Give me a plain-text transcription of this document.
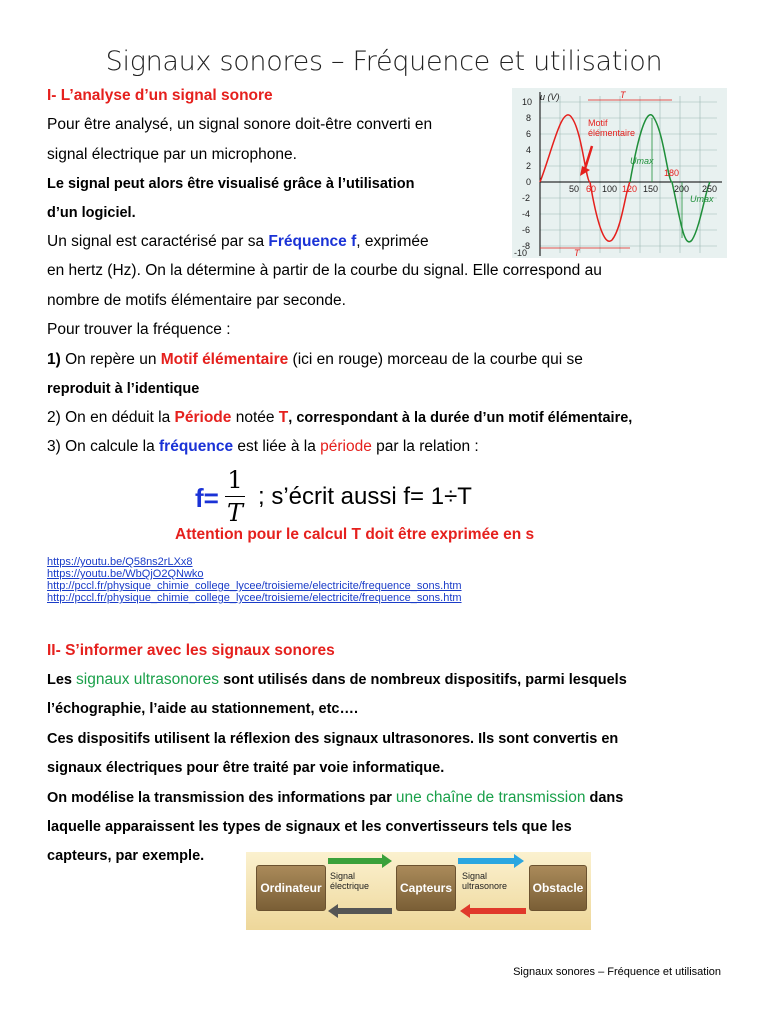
Signaux sonores – Fréquence et utilisation
I- L’analyse d’un signal sonore
Pour être analysé, un signal sonore doit-être converti en
signal électrique par un microphone.
Le signal peut alors être visualisé grâce à l’utilisation
d’un logiciel.
Un signal est caractérisé par sa Fréquence f, exprimée
en hertz (Hz). On la détermine à partir de la courbe du signal. Elle correspond au
nombre de motifs élémentaire par seconde.
Pour trouver la fréquence :
1) On repère un Motif élémentaire (ici en rouge) morceau de la courbe qui se
reproduit à l’identique
2) On en déduit la Période notée T, correspondant à la durée d’un motif élémentaire,
3) On calcule la fréquence est liée à la période par la relation :
f=
1
T
; s’écrit aussi f= 1÷T
Attention pour le calcul T doit être exprimée en s
u (V)
Motif élémentaire
T
T
Umax
Umax
50 60 100 120 150
180
200 250
10
8
6
4
2
0
-2
-4
-6
-8
-10
https://youtu.be/Q58ns2rLXx8
https://youtu.be/WbQjO2QNwko
http://pccl.fr/physique_chimie_college_lycee/troisieme/electricite/frequence_sons.htm
http://pccl.fr/physique_chimie_college_lycee/troisieme/electricite/frequence_sons.htm
II- S’informer avec les signaux sonores
Les signaux ultrasonores sont utilisés dans de nombreux dispositifs, parmi lesquels
l’échographie, l’aide au stationnement, etc….
Ces dispositifs utilisent la réflexion des signaux ultrasonores. Ils sont convertis en
signaux électriques pour être traité par voie informatique.
On modélise la transmission des informations par une chaîne de transmission dans
laquelle apparaissent les types de signaux et les convertisseurs tels que les
capteurs, par exemple.
Ordinateur	Capteurs	Obstacle
Signal électrique
Signal ultrasonore
Signaux sonores – Fréquence et utilisation
